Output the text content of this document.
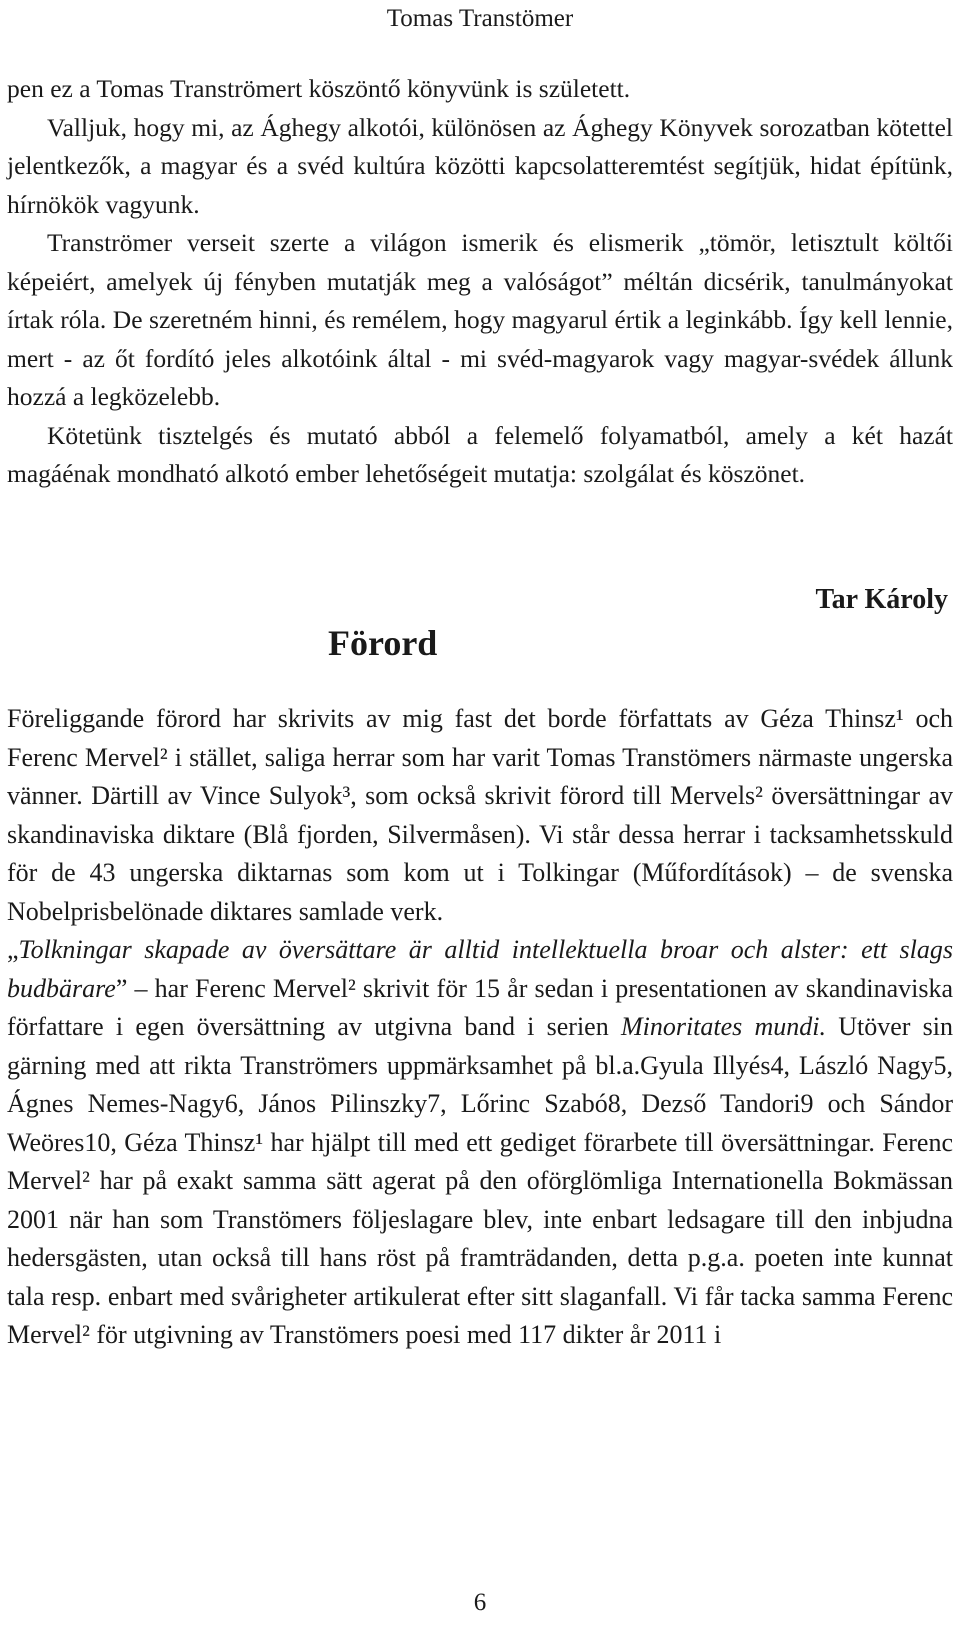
Tomas Transtömer

pen ez a Tomas Tranströmert köszöntő könyvünk is született.

Valljuk, hogy mi, az Ághegy alkotói, különösen az Ághegy Könyvek sorozatban kötettel jelentkezők, a magyar és a svéd kultúra közötti kapcsolatteremtést segítjük, hidat építünk, hírnökök vagyunk.

Tranströmer verseit szerte a világon ismerik és elismerik „tömör, letisztult költői képeiért, amelyek új fényben mutatják meg a valóságot” méltán dicsérik, tanulmányokat írtak róla. De szeretném hinni, és remélem, hogy magyarul értik a leginkább. Így kell lennie, mert - az őt fordító jeles alkotóink által - mi svéd-magyarok vagy magyar-svédek állunk hozzá a legközelebb.

Kötetünk tisztelgés és mutató abból a felemelő folyamatból, amely a két hazát magáénak mondható alkotó ember lehetőségeit mutatja: szolgálat és köszönet.

Tar Károly
Förord

Föreliggande förord har skrivits av mig fast det borde författats av Géza Thinsz¹ och Ferenc Mervel² i stället, saliga herrar som har varit Tomas Transtömers närmaste ungerska vänner. Därtill av Vince Sulyok³, som också skrivit förord till Mervels² översättningar av skandinaviska diktare (Blå fjorden, Silvermåsen). Vi står dessa herrar i tacksamhetsskuld för de 43 ungerska diktarnas som kom ut i Tolkingar (Műfordítások) – de svenska Nobelprisbelönade diktares samlade verk.

„Tolkningar skapade av översättare är alltid intellektuella broar och alster: ett slags budbärare” – har Ferenc Mervel² skrivit för 15 år sedan i presentationen av skandinaviska författare i egen översättning av utgivna band i serien Minoritates mundi. Utöver sin gärning med att rikta Tranströmers uppmärksamhet på bl.a.Gyula Illyés4, László Nagy5, Ágnes Nemes-Nagy6, János Pilinszky7, Lőrinc Szabó8, Dezső Tandori9 och Sándor Weöres10, Géza Thinsz¹ har hjälpt till med ett gediget förarbete till översättningar. Ferenc Mervel² har på exakt samma sätt agerat på den oförglömliga Internationella Bokmässan 2001 när han som Transtömers följeslagare blev, inte enbart ledsagare till den inbjudna hedersgästen, utan också till hans röst på framträdanden, detta p.g.a. poeten inte kunnat tala resp. enbart med svårigheter artikulerat efter sitt slaganfall. Vi får tacka samma Ferenc Mervel² för utgivning av Transtömers poesi med 117 dikter år 2011 i

6
